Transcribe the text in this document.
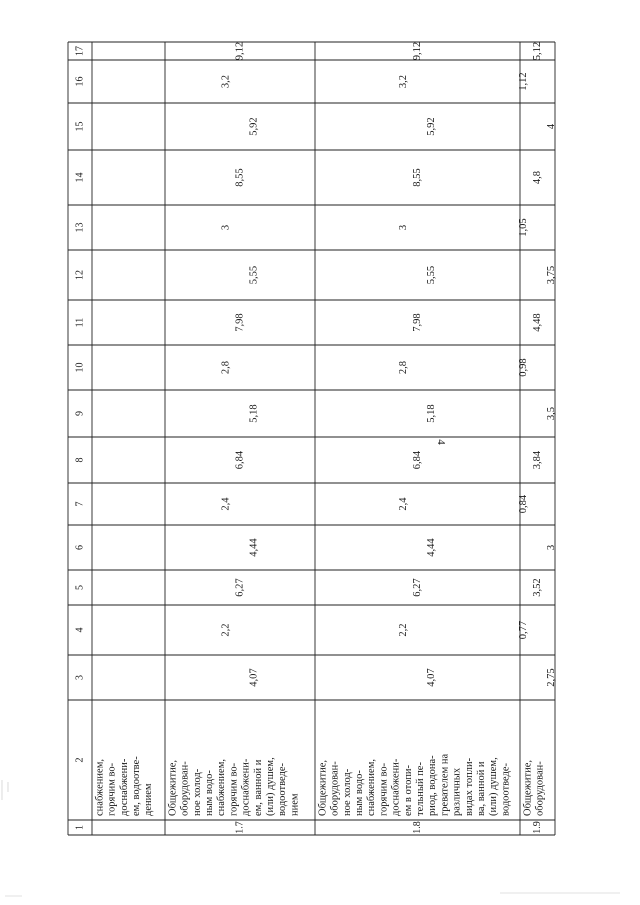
4
1
2
3
4
5
6
7
8
9
10
11
12
13
14
15
16
17
снабжением, горячим во- доснабжени- ем, водоотве- дением
1.7
Общежитие, оборудован- ное холод- ным водо- снабжением, горячим во- доснабжени- ем, ванной и (или) душем, водоотведе- нием
4,07
2,2
6,27
4,44
2,4
6,84
5,18
2,8
7,98
5,55
3
8,55
5,92
3,2
9,12
1.8
Общежитие, оборудован- ное холод- ным водо- снабжением, горячим во- доснабжени- ем в отопи- тельный пе- риод, водона- гревателем на различных видах топли- ва, ванной и (или) душем, водоотведе-
4,07
2,2
6,27
4,44
2,4
6,84
5,18
2,8
7,98
5,55
3
8,55
5,92
3,2
9,12
1.9
Общежитие, оборудован-
2,75
0,77
3,52
3
0,84
3,84
3,5
0,98
4,48
3,75
1,05
4,8
4
1,12
5,12
